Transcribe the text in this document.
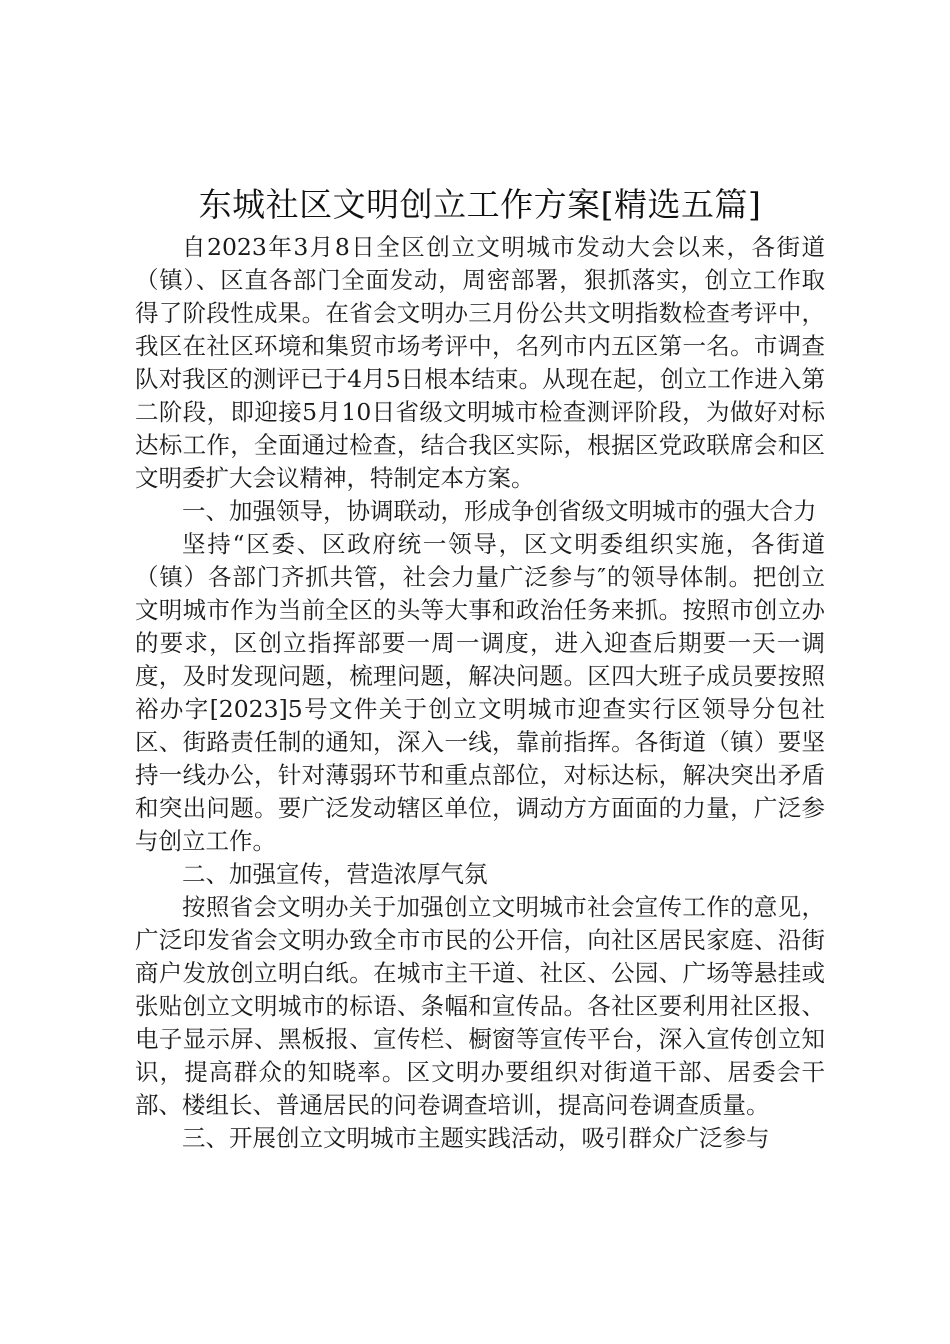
东城社区文明创立工作方案[精选五篇]

自2023年3月8日全区创立文明城市发动大会以来，各街道（镇）、区直各部门全面发动，周密部署，狠抓落实，创立工作取得了阶段性成果。在省会文明办三月份公共文明指数检查考评中，我区在社区环境和集贸市场考评中，名列市内五区第一名。市调查队对我区的测评已于4月5日根本结束。从现在起，创立工作进入第二阶段，即迎接5月10日省级文明城市检查测评阶段，为做好对标达标工作，全面通过检查，结合我区实际，根据区党政联席会和区文明委扩大会议精神，特制定本方案。

一、加强领导，协调联动，形成争创省级文明城市的强大合力

坚持“区委、区政府统一领导，区文明委组织实施，各街道（镇）各部门齐抓共管，社会力量广泛参与″的领导体制。把创立文明城市作为当前全区的头等大事和政治任务来抓。按照市创立办的要求，区创立指挥部要一周一调度，进入迎查后期要一天一调度，及时发现问题，梳理问题，解决问题。区四大班子成员要按照裕办字[2023]5号文件关于创立文明城市迎查实行区领导分包社区、街路责任制的通知，深入一线，靠前指挥。各街道（镇）要坚持一线办公，针对薄弱环节和重点部位，对标达标，解决突出矛盾和突出问题。要广泛发动辖区单位，调动方方面面的力量，广泛参与创立工作。

二、加强宣传，营造浓厚气氛

按照省会文明办关于加强创立文明城市社会宣传工作的意见，广泛印发省会文明办致全市市民的公开信，向社区居民家庭、沿街商户发放创立明白纸。在城市主干道、社区、公园、广场等悬挂或张贴创立文明城市的标语、条幅和宣传品。各社区要利用社区报、电子显示屏、黑板报、宣传栏、橱窗等宣传平台，深入宣传创立知识，提高群众的知晓率。区文明办要组织对街道干部、居委会干部、楼组长、普通居民的问卷调查培训，提高问卷调查质量。

三、开展创立文明城市主题实践活动，吸引群众广泛参与
